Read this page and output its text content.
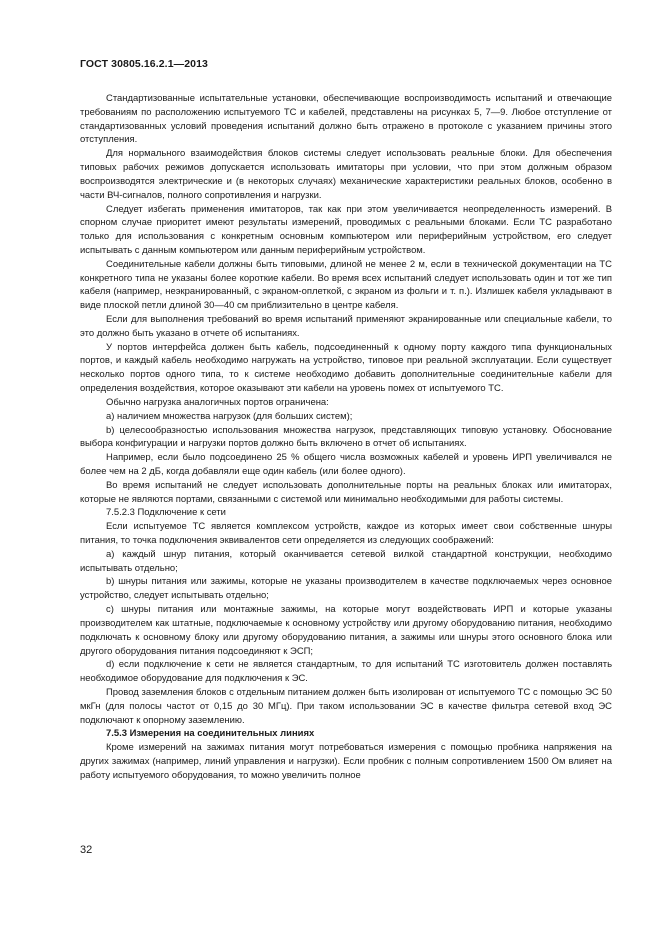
ГОСТ 30805.16.2.1—2013

Стандартизованные испытательные установки, обеспечивающие воспроизводимость испытаний и отвечающие требованиям по расположению испытуемого ТС и кабелей, представлены на рисунках 5, 7—9. Любое отступление от стандартизованных условий проведения испытаний должно быть отражено в протоколе с указанием причины этого отступления.

Для нормального взаимодействия блоков системы следует использовать реальные блоки. Для обеспечения типовых рабочих режимов допускается использовать имитаторы при условии, что при этом должным образом воспроизводятся электрические и (в некоторых случаях) механические характеристики реальных блоков, особенно в части ВЧ-сигналов, полного сопротивления и нагрузки.

Следует избегать применения имитаторов, так как при этом увеличивается неопределенность измерений. В спорном случае приоритет имеют результаты измерений, проводимых с реальными блоками. Если ТС разработано только для использования с конкретным основным компьютером или периферийным устройством, его следует испытывать с данным компьютером или данным периферийным устройством.

Соединительные кабели должны быть типовыми, длиной не менее 2 м, если в технической документации на ТС конкретного типа не указаны более короткие кабели. Во время всех испытаний следует использовать один и тот же тип кабеля (например, неэкранированный, с экраном-оплеткой, с экраном из фольги и т. п.). Излишек кабеля укладывают в виде плоской петли длиной 30—40 см приблизительно в центре кабеля.

Если для выполнения требований во время испытаний применяют экранированные или специальные кабели, то это должно быть указано в отчете об испытаниях.

У портов интерфейса должен быть кабель, подсоединенный к одному порту каждого типа функциональных портов, и каждый кабель необходимо нагружать на устройство, типовое при реальной эксплуатации. Если существует несколько портов одного типа, то к системе необходимо добавить дополнительные соединительные кабели для определения воздействия, которое оказывают эти кабели на уровень помех от испытуемого ТС.

Обычно нагрузка аналогичных портов ограничена:

a) наличием множества нагрузок (для больших систем);

b) целесообразностью использования множества нагрузок, представляющих типовую установку. Обоснование выбора конфигурации и нагрузки портов должно быть включено в отчет об испытаниях.

Например, если было подсоединено 25 % общего числа возможных кабелей и уровень ИРП увеличивался не более чем на 2 дБ, когда добавляли еще один кабель (или более одного).

Во время испытаний не следует использовать дополнительные порты на реальных блоках или имитаторах, которые не являются портами, связанными с системой или минимально необходимыми для работы системы.

7.5.2.3 Подключение к сети

Если испытуемое ТС является комплексом устройств, каждое из которых имеет свои собственные шнуры питания, то точка подключения эквивалентов сети определяется из следующих соображений:

a) каждый шнур питания, который оканчивается сетевой вилкой стандартной конструкции, необходимо испытывать отдельно;

b) шнуры питания или зажимы, которые не указаны производителем в качестве подключаемых через основное устройство, следует испытывать отдельно;

c) шнуры питания или монтажные зажимы, на которые могут воздействовать ИРП и которые указаны производителем как штатные, подключаемые к основному устройству или другому оборудованию питания, необходимо подключать к основному блоку или другому оборудованию питания, а зажимы или шнуры этого основного блока или другого оборудования питания подсоединяют к ЭСП;

d) если подключение к сети не является стандартным, то для испытаний ТС изготовитель должен поставлять необходимое оборудование для подключения к ЭС.

Провод заземления блоков с отдельным питанием должен быть изолирован от испытуемого ТС с помощью ЭС 50 мкГн (для полосы частот от 0,15 до 30 МГц). При таком использовании ЭС в качестве фильтра сетевой вход ЭС подключают к опорному заземлению.

7.5.3 Измерения на соединительных линиях

Кроме измерений на зажимах питания могут потребоваться измерения с помощью пробника напряжения на других зажимах (например, линий управления и нагрузки). Если пробник с полным сопротивлением 1500 Ом влияет на работу испытуемого оборудования, то можно увеличить полное

32
